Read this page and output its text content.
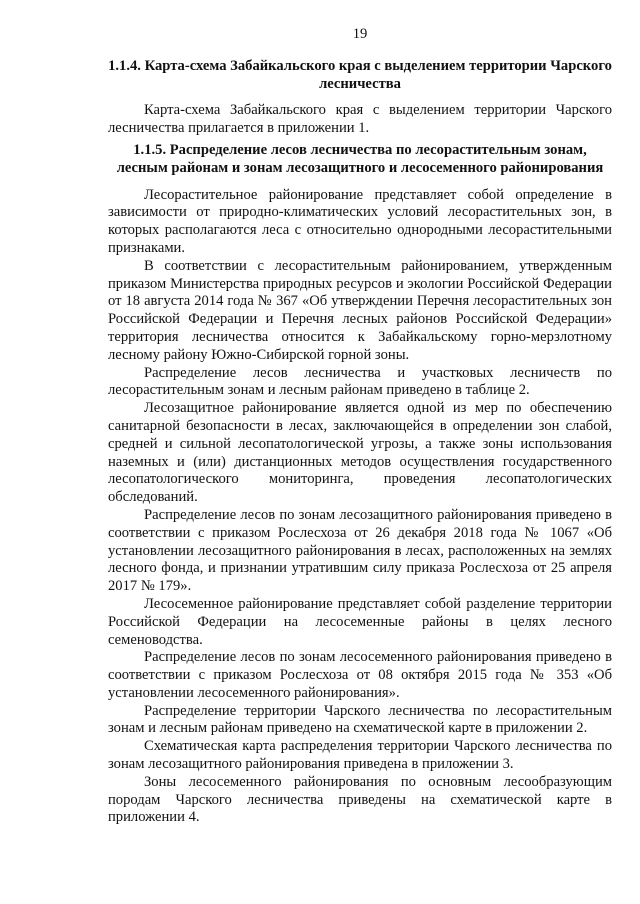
19
1.1.4. Карта-схема Забайкальского края с выделением территории Чарского лесничества

Карта-схема Забайкальского края с выделением территории Чарского лесничества прилагается в приложении 1.

1.1.5. Распределение лесов лесничества по лесорастительным зонам, лесным районам и зонам лесозащитного и лесосеменного районирования

Лесорастительное районирование представляет собой определение в зависимости от природно-климатических условий лесорастительных зон, в которых располагаются леса с относительно однородными лесорастительными признаками.

В соответствии с лесорастительным районированием, утвержденным приказом Министерства природных ресурсов и экологии Российской Федерации от 18 августа 2014 года № 367 «Об утверждении Перечня лесорастительных зон Российской Федерации и Перечня лесных районов Российской Федерации» территория лесничества относится к Забайкальскому горно-мерзлотному лесному району Южно-Сибирской горной зоны.

Распределение лесов лесничества и участковых лесничеств по лесорастительным зонам и лесным районам приведено в таблице 2.

Лесозащитное районирование является одной из мер по обеспечению санитарной безопасности в лесах, заключающейся в определении зон слабой, средней и сильной лесопатологической угрозы, а также зоны использования наземных и (или) дистанционных методов осуществления государственного лесопатологического мониторинга, проведения лесопатологических обследований.

Распределение лесов по зонам лесозащитного районирования приведено в соответствии с приказом Рослесхоза от 26 декабря 2018 года № 1067 «Об установлении лесозащитного районирования в лесах, расположенных на землях лесного фонда, и признании утратившим силу приказа Рослесхоза от 25 апреля 2017 № 179».

Лесосеменное районирование представляет собой разделение территории Российской Федерации на лесосеменные районы в целях лесного семеноводства.

Распределение лесов по зонам лесосеменного районирования приведено в соответствии с приказом Рослесхоза от 08 октября 2015 года № 353 «Об установлении лесосеменного районирования».

Распределение территории Чарского лесничества по лесорастительным зонам и лесным районам приведено на схематической карте в приложении 2.

Схематическая карта распределения территории Чарского лесничества по зонам лесозащитного районирования приведена в приложении 3.

Зоны лесосеменного районирования по основным лесообразующим породам Чарского лесничества приведены на схематической карте в приложении 4.
